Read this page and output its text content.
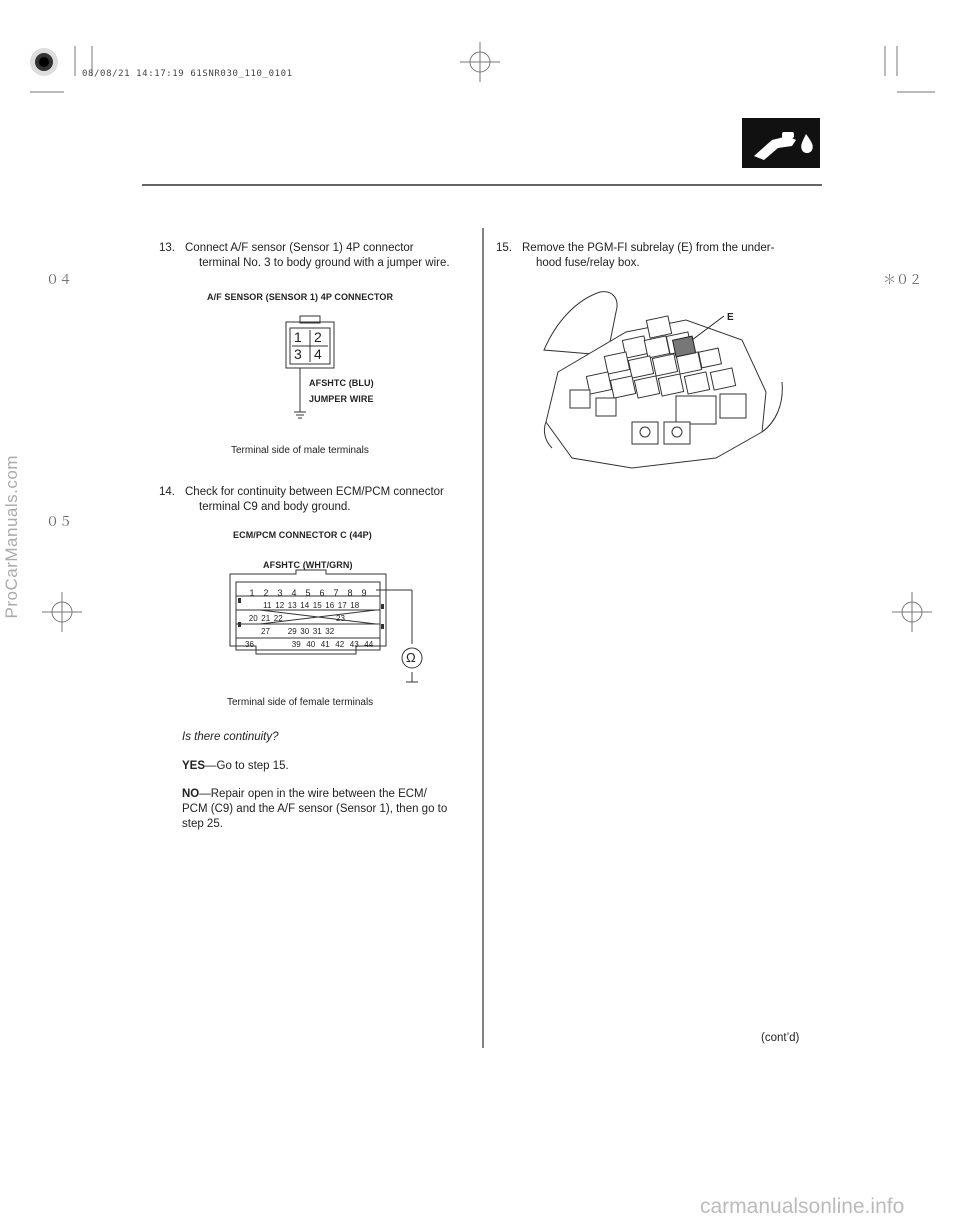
08/08/21 14:17:19 61SNR030_110_0101
０４
０５
＊０２
ProCarManuals.com
carmanualsonline.info
13. Connect A/F sensor (Sensor 1) 4P connector
terminal No. 3 to body ground with a jumper wire.
A/F SENSOR (SENSOR 1) 4P CONNECTOR
1 2
3 4
AFSHTC (BLU)
JUMPER WIRE
Terminal side of male terminals
14. Check for continuity between ECM/PCM connector
terminal C9 and body ground.
ECM/PCM CONNECTOR C (44P)
AFSHTC (WHT/GRN)
Ω
1 2 3 4 5 6 7 8 9
11 12 13 14 15 16 17 18
20 21 22	23
27 29 30 31 32
36	39 40 41 42 43 44
Terminal side of female terminals
Is there continuity?
YES—Go to step 15.
NO—Repair open in the wire between the ECM/
PCM (C9) and the A/F sensor (Sensor 1), then go to
step 25.
15. Remove the PGM-FI subrelay (E) from the under-
hood fuse/relay box.
E
(cont’d)
